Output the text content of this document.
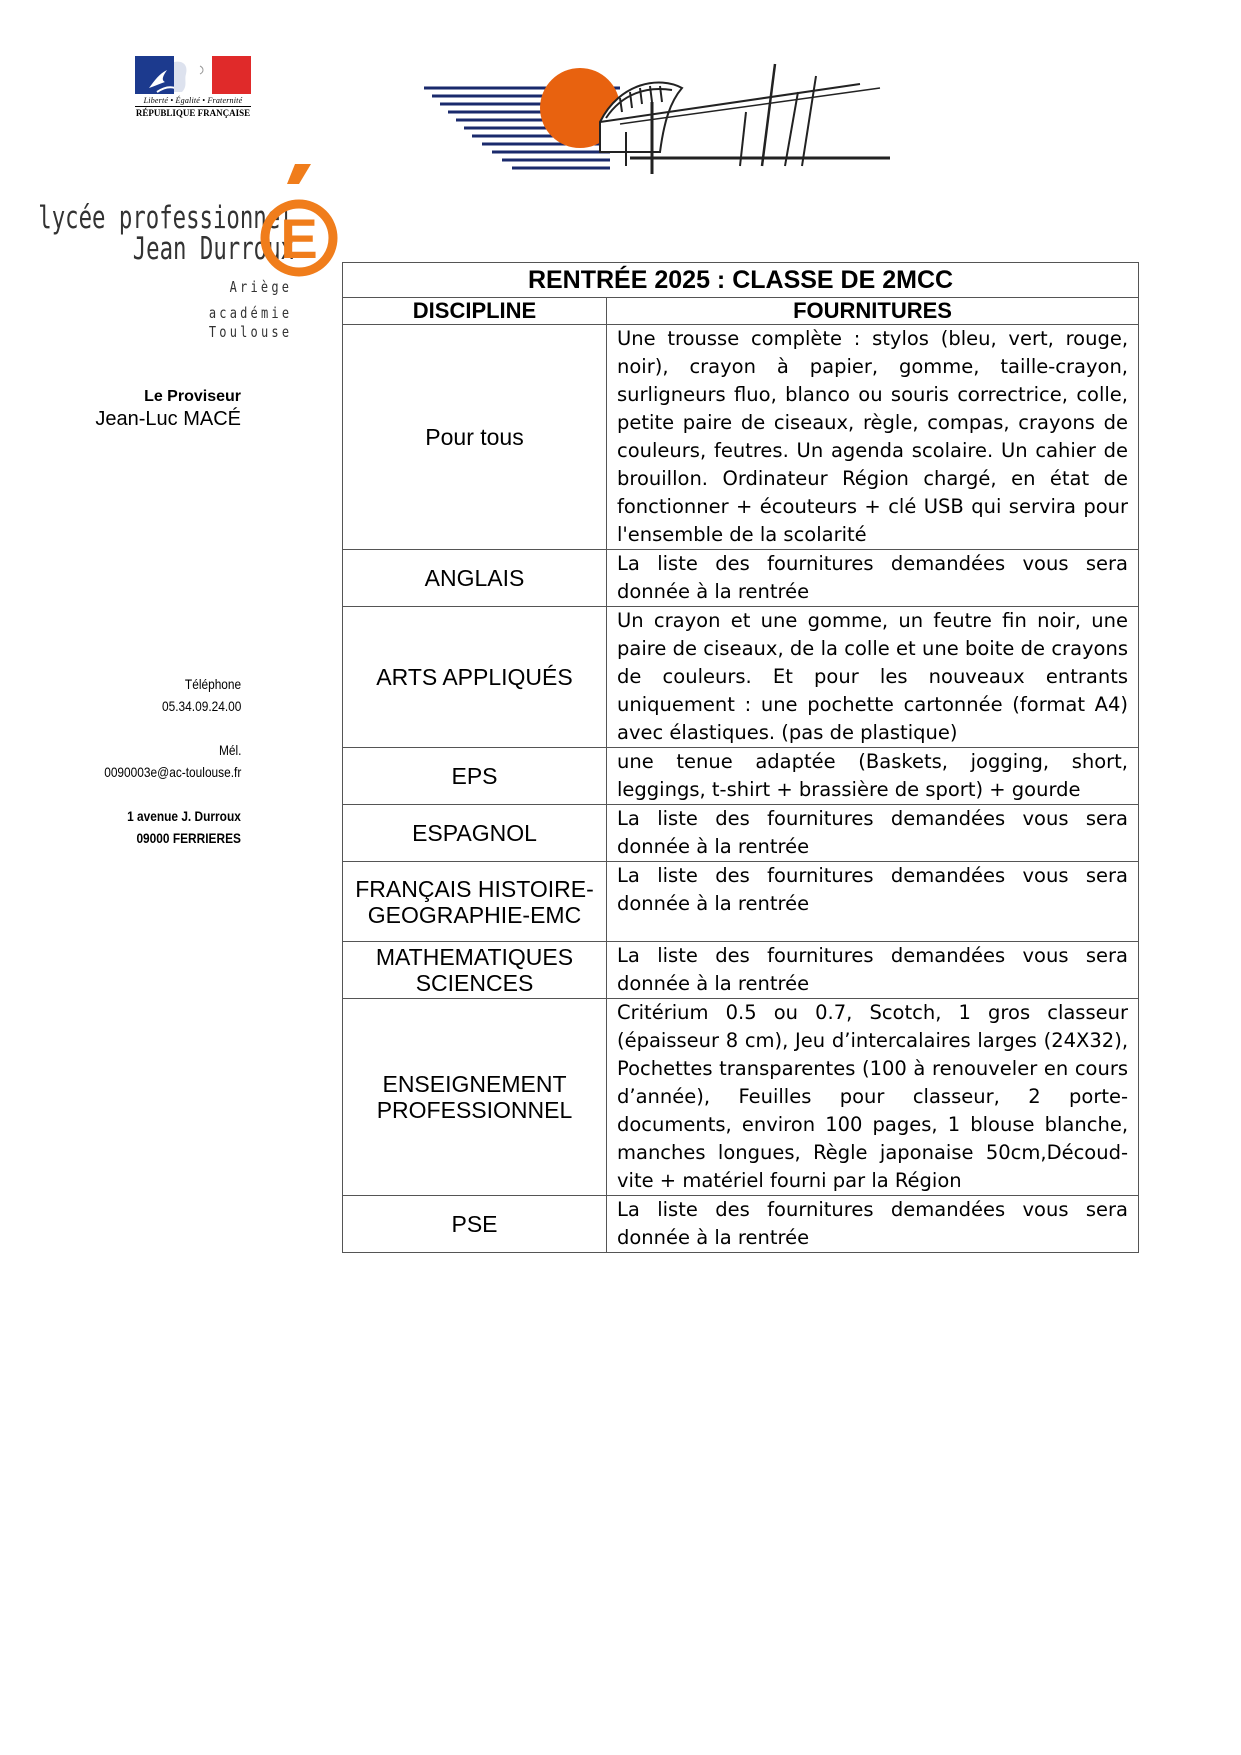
Liberté • Égalité • Fraternité
RÉPUBLIQUE FRANÇAISE
lycée professionnel
Jean Durroux
E
Ariège
académie
Toulouse
Le Proviseur
Jean-Luc MACÉ
Téléphone
05.34.09.24.00
Mél.
0090003e@ac-toulouse.fr
1 avenue J. Durroux
09000 FERRIERES
RENTRÉE 2025 : CLASSE DE 2MCC	
DISCIPLINE	FOURNITURES
Pour tous	Une trousse complète : stylos (bleu, vert, rouge, noir), crayon à papier, gomme, taille-crayon, surligneurs fluo, blanco ou souris correctrice, colle, petite paire de ciseaux, règle, compas, crayons de couleurs, feutres. Un agenda scolaire. Un cahier de brouillon. Ordinateur Région chargé, en état de fonctionner + écouteurs + clé USB qui servira pour l'ensemble de la scolarité
ANGLAIS	La liste des fournitures demandées vous sera donnée à la rentrée
ARTS APPLIQUÉS	Un crayon et une gomme, un feutre fin noir, une paire de ciseaux, de la colle et une boite de crayons de couleurs. Et pour les nouveaux entrants uniquement : une pochette cartonnée (format A4) avec élastiques. (pas de plastique)
EPS	une tenue adaptée (Baskets, jogging, short, leggings, t-shirt + brassière de sport) + gourde
ESPAGNOL	La liste des fournitures demandées vous sera donnée à la rentrée
FRANÇAIS HISTOIRE-GEOGRAPHIE-EMC	La liste des fournitures demandées vous sera donnée à la rentrée
MATHEMATIQUES SCIENCES	La liste des fournitures demandées vous sera donnée à la rentrée
ENSEIGNEMENT PROFESSIONNEL	Critérium 0.5 ou 0.7, Scotch, 1 gros classeur (épaisseur 8 cm), Jeu d’intercalaires larges (24X32), Pochettes transparentes (100 à renouveler en cours d’année), Feuilles pour classeur, 2 porte-documents, environ 100 pages, 1 blouse blanche, manches longues, Règle japonaise 50cm,Découd-vite + matériel fourni par la Région
PSE	La liste des fournitures demandées vous sera donnée à la rentrée
